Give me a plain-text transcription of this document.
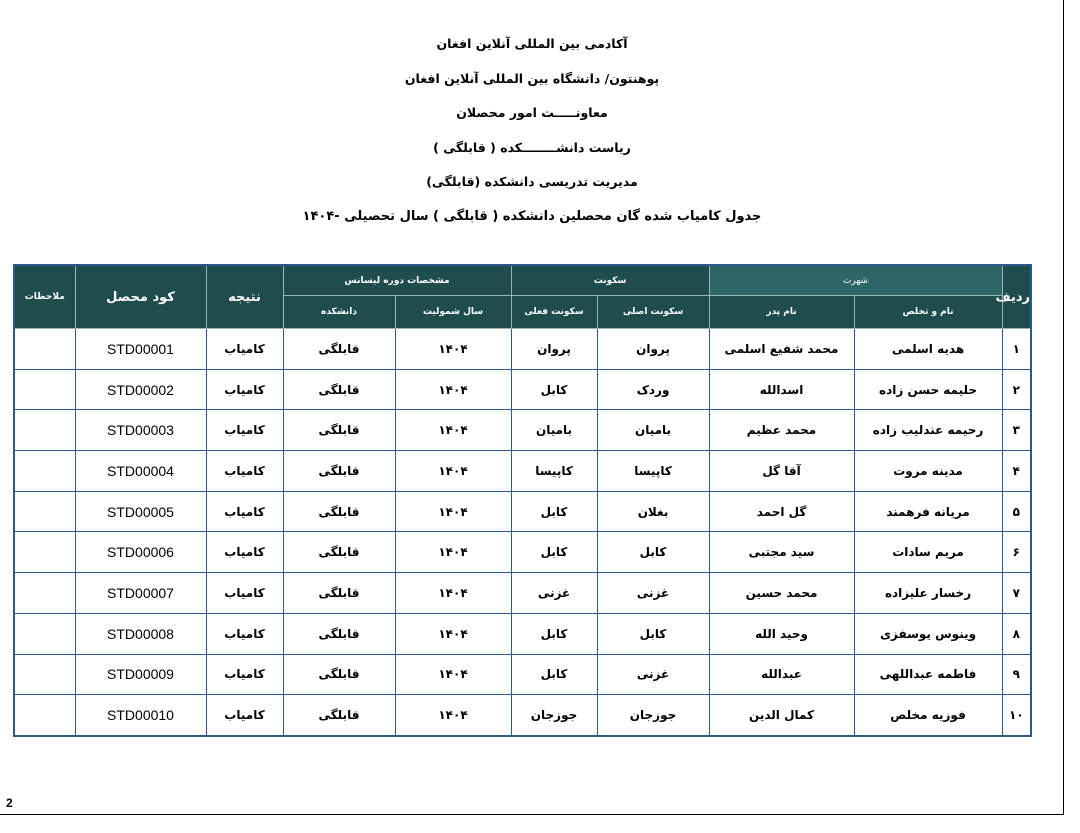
آکادمی بین المللی آنلاین افغان
پوهنتون/ دانشگاه بین المللی آنلاین افغان
معاونـــــت امور محصلان
ریاست دانشــــــــکده ( قابلگی )
مدیریت تدریسی دانشکده (قابلگی)
جدول کامیاب شده گان محصلین دانشکده ( قابلگی ) سال تحصیلی -۱۴۰۴
ردیف	شهرت		سکونت		مشخصات دوره لیسانس		نتیجه	کود محصل	ملاحظات
	نام و تخلص	نام پدر	سکونت اصلی	سکونت فعلی	سال شمولیت	دانشکده			
۱	هدیه اسلمی	محمد شفیع اسلمی	پروان	پروان	۱۴۰۴	قابلگی	کامیاب	STD00001	
۲	حلیمه حسن زاده	اسدالله	وردک	کابل	۱۴۰۴	قابلگی	کامیاب	STD00002	
۳	رحیمه عندلیب زاده	محمد عظیم	بامیان	بامیان	۱۴۰۴	قابلگی	کامیاب	STD00003	
۴	مدینه مروت	آقا گل	کاپیسا	کاپیسا	۱۴۰۴	قابلگی	کامیاب	STD00004	
۵	مریانه فرهمند	گل احمد	بغلان	کابل	۱۴۰۴	قابلگی	کامیاب	STD00005	
۶	مریم سادات	سید مجتبی	کابل	کابل	۱۴۰۴	قابلگی	کامیاب	STD00006	
۷	رخسار علیزاده	محمد حسین	غزنی	غزنی	۱۴۰۴	قابلگی	کامیاب	STD00007	
۸	وینوس یوسفزی	وحید الله	کابل	کابل	۱۴۰۴	قابلگی	کامیاب	STD00008	
۹	فاطمه عبداللهی	عبدالله	غزنی	کابل	۱۴۰۴	قابلگی	کامیاب	STD00009	
۱۰	فوزیه مخلص	کمال الدین	جوزجان	جوزجان	۱۴۰۴	قابلگی	کامیاب	STD00010	
2
